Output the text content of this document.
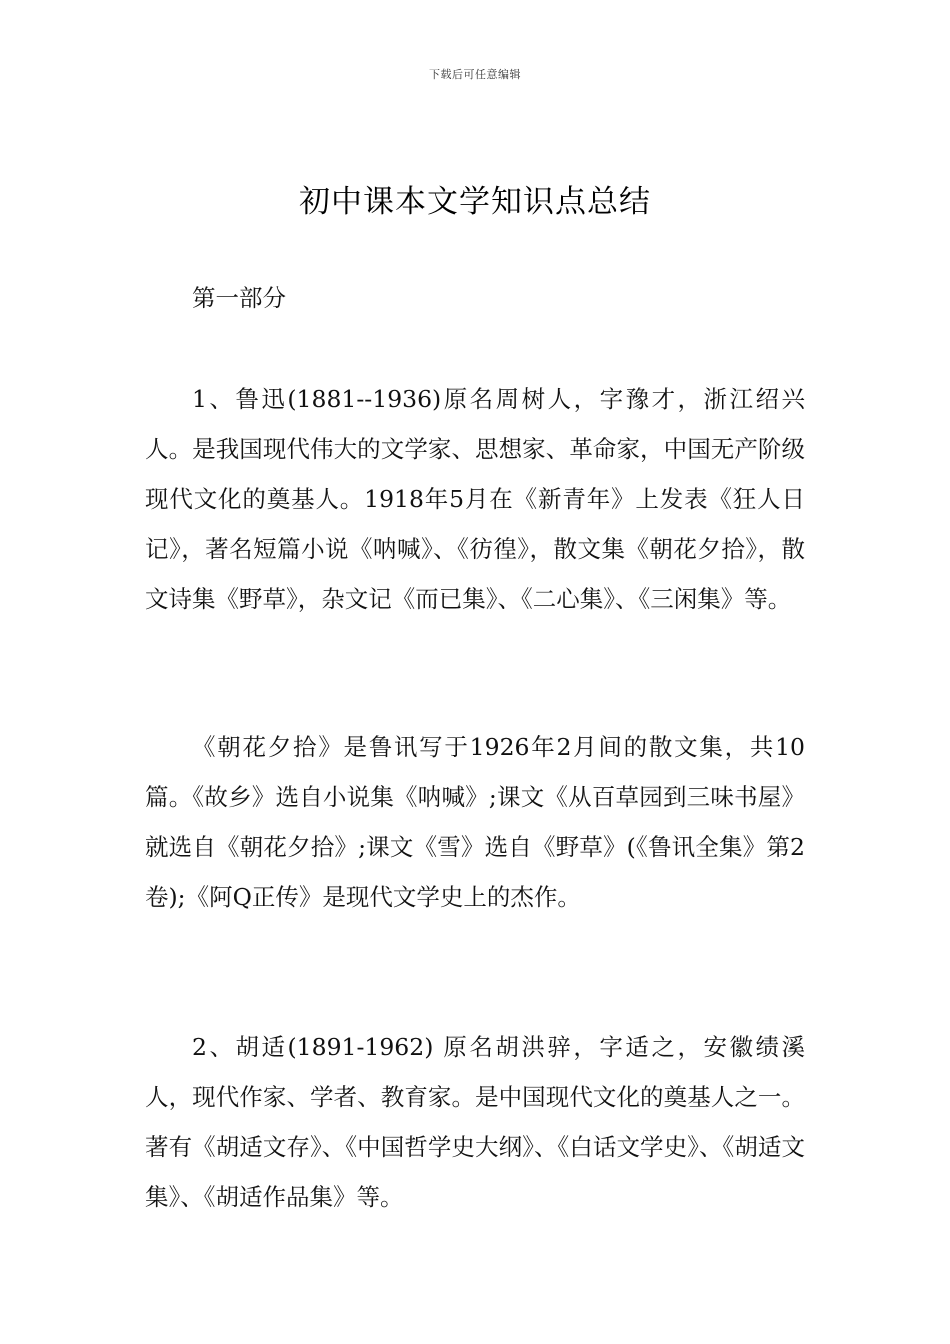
下载后可任意编辑
初中课本文学知识点总结

第一部分

1、鲁迅(1881--1936)原名周树人，字豫才，浙江绍兴人。是我国现代伟大的文学家、思想家、革命家，中国无产阶级现代文化的奠基人。1918年5月在《新青年》上发表《狂人日记》，著名短篇小说《呐喊》、《彷徨》，散文集《朝花夕拾》，散文诗集《野草》，杂文记《而已集》、《二心集》、《三闲集》等。

《朝花夕拾》是鲁讯写于1926年2月间的散文集，共10篇。《故乡》选自小说集《呐喊》;课文《从百草园到三味书屋》就选自《朝花夕拾》;课文《雪》选自《野草》(《鲁讯全集》第2卷);《阿Q正传》是现代文学史上的杰作。

2、胡适(1891-1962) 原名胡洪骍，字适之，安徽绩溪人，现代作家、学者、教育家。是中国现代文化的奠基人之一。著有《胡适文存》、《中国哲学史大纲》、《白话文学史》、《胡适文集》、《胡适作品集》等。
